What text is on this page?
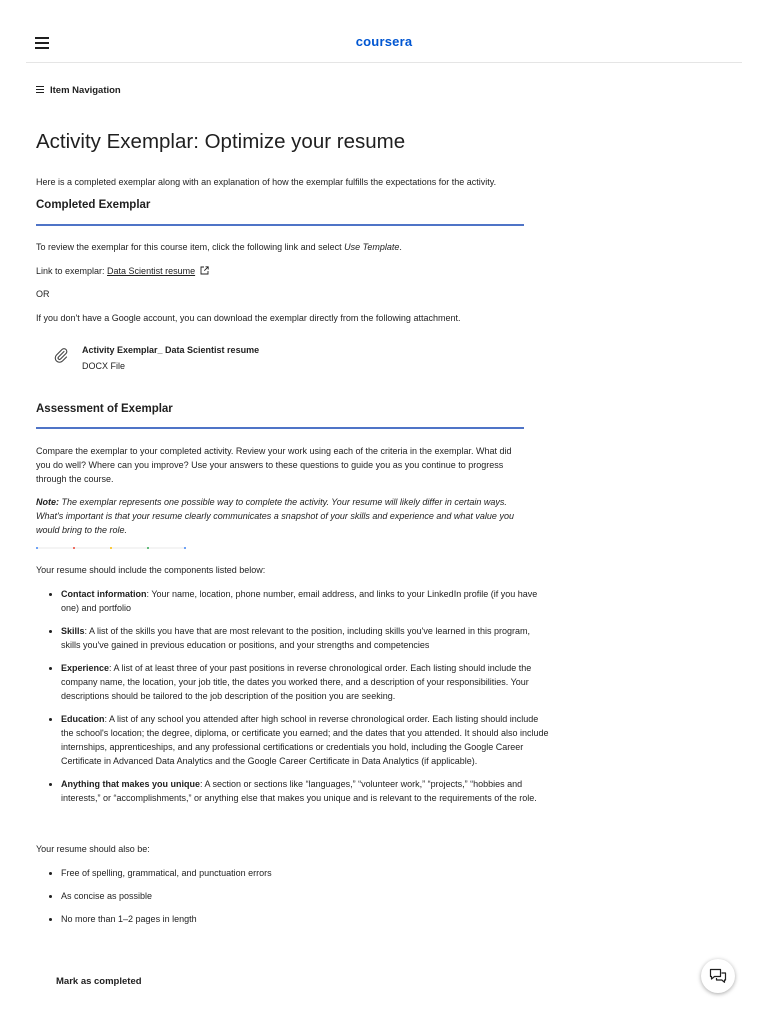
coursera
Item Navigation
Activity Exemplar: Optimize your resume

Here is a completed exemplar along with an explanation of how the exemplar fulfills the expectations for the activity.

Completed Exemplar

To review the exemplar for this course item, click the following link and select Use Template.

Link to exemplar: Data Scientist resume

OR

If you don't have a Google account, you can download the exemplar directly from the following attachment.

Activity Exemplar_ Data Scientist resume
DOCX File
Assessment of Exemplar

Compare the exemplar to your completed activity. Review your work using each of the criteria in the exemplar. What did you do well? Where can you improve? Use your answers to these questions to guide you as you continue to progress through the course.

Note: The exemplar represents one possible way to complete the activity. Your resume will likely differ in certain ways. What's important is that your resume clearly communicates a snapshot of your skills and experience and what value you would bring to the role.

Your resume should include the components listed below:

• Contact information: Your name, location, phone number, email address, and links to your LinkedIn profile (if you have one) and portfolio
• Skills: A list of the skills you have that are most relevant to the position, including skills you've learned in this program, skills you've gained in previous education or positions, and your strengths and competencies
• Experience: A list of at least three of your past positions in reverse chronological order. Each listing should include the company name, the location, your job title, the dates you worked there, and a description of your responsibilities. Your descriptions should be tailored to the job description of the position you are seeking.
• Education: A list of any school you attended after high school in reverse chronological order. Each listing should include the school's location; the degree, diploma, or certificate you earned; and the dates that you attended. It should also include internships, apprenticeships, and any professional certifications or credentials you hold, including the Google Career Certificate in Advanced Data Analytics and the Google Career Certificate in Data Analytics (if applicable).
• Anything that makes you unique: A section or sections like “languages,” “volunteer work,” “projects,” “hobbies and interests,” or “accomplishments,” or anything else that makes you unique and is relevant to the requirements of the role.

Your resume should also be:

• Free of spelling, grammatical, and punctuation errors
• As concise as possible
• No more than 1–2 pages in length
Mark as completed
